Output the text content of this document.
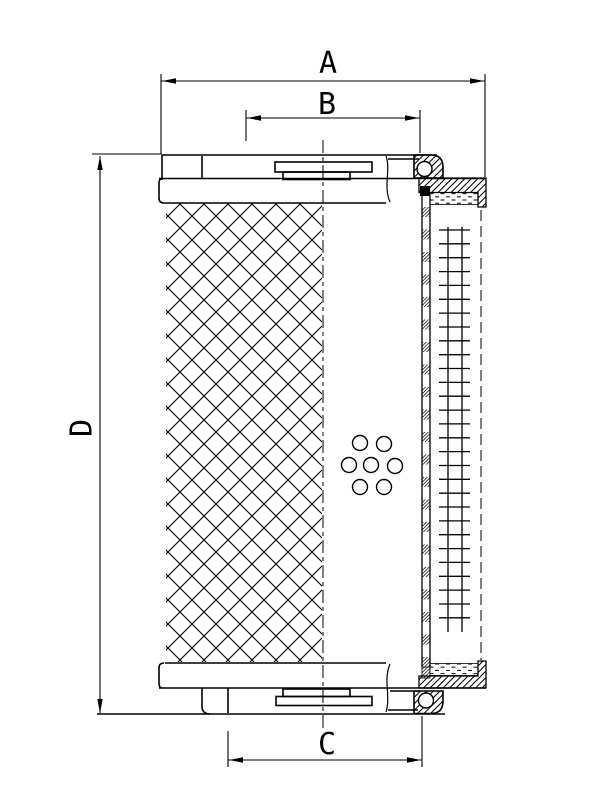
A
B
C
D
